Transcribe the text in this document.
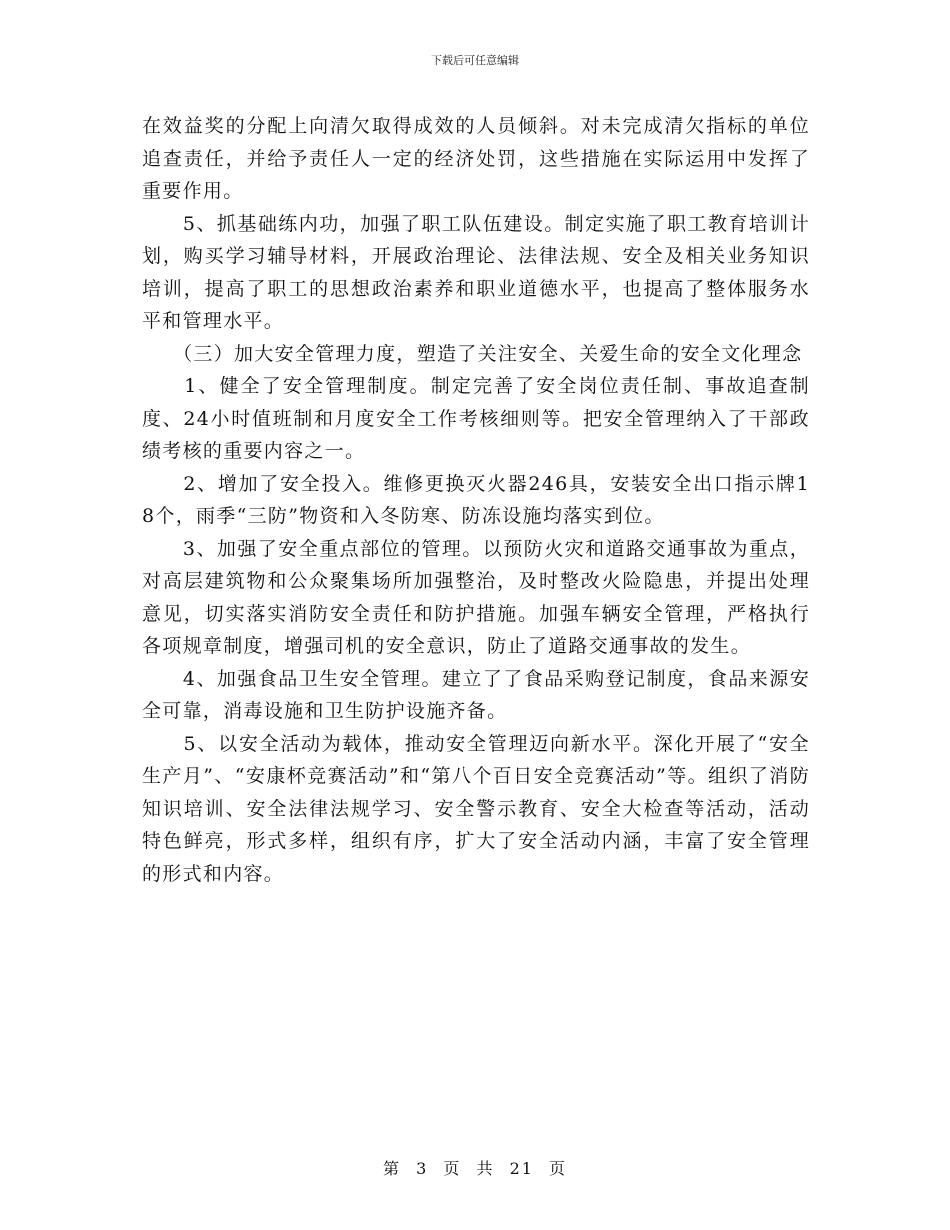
下载后可任意编辑

在效益奖的分配上向清欠取得成效的人员倾斜。对未完成清欠指标的单位追查责任，并给予责任人一定的经济处罚，这些措施在实际运用中发挥了重要作用。

　　5、抓基础练内功，加强了职工队伍建设。制定实施了职工教育培训计划，购买学习辅导材料，开展政治理论、法律法规、安全及相关业务知识培训，提高了职工的思想政治素养和职业道德水平，也提高了整体服务水平和管理水平。

　　（三）加大安全管理力度，塑造了关注安全、关爱生命的安全文化理念

　　1、健全了安全管理制度。制定完善了安全岗位责任制、事故追查制度、24小时值班制和月度安全工作考核细则等。把安全管理纳入了干部政绩考核的重要内容之一。

　　2、增加了安全投入。维修更换灭火器246具，安装安全出口指示牌18个，雨季“三防”物资和入冬防寒、防冻设施均落实到位。

　　3、加强了安全重点部位的管理。以预防火灾和道路交通事故为重点，对高层建筑物和公众聚集场所加强整治，及时整改火险隐患，并提出处理意见，切实落实消防安全责任和防护措施。加强车辆安全管理，严格执行各项规章制度，增强司机的安全意识，防止了道路交通事故的发生。

　　4、加强食品卫生安全管理。建立了了食品采购登记制度，食品来源安全可靠，消毒设施和卫生防护设施齐备。

　　5、以安全活动为载体，推动安全管理迈向新水平。深化开展了“安全生产月”、“安康杯竞赛活动”和“第八个百日安全竞赛活动”等。组织了消防知识培训、安全法律法规学习、安全警示教育、安全大检查等活动，活动特色鲜亮，形式多样，组织有序，扩大了安全活动内涵，丰富了安全管理的形式和内容。

第 3 页 共 21 页
